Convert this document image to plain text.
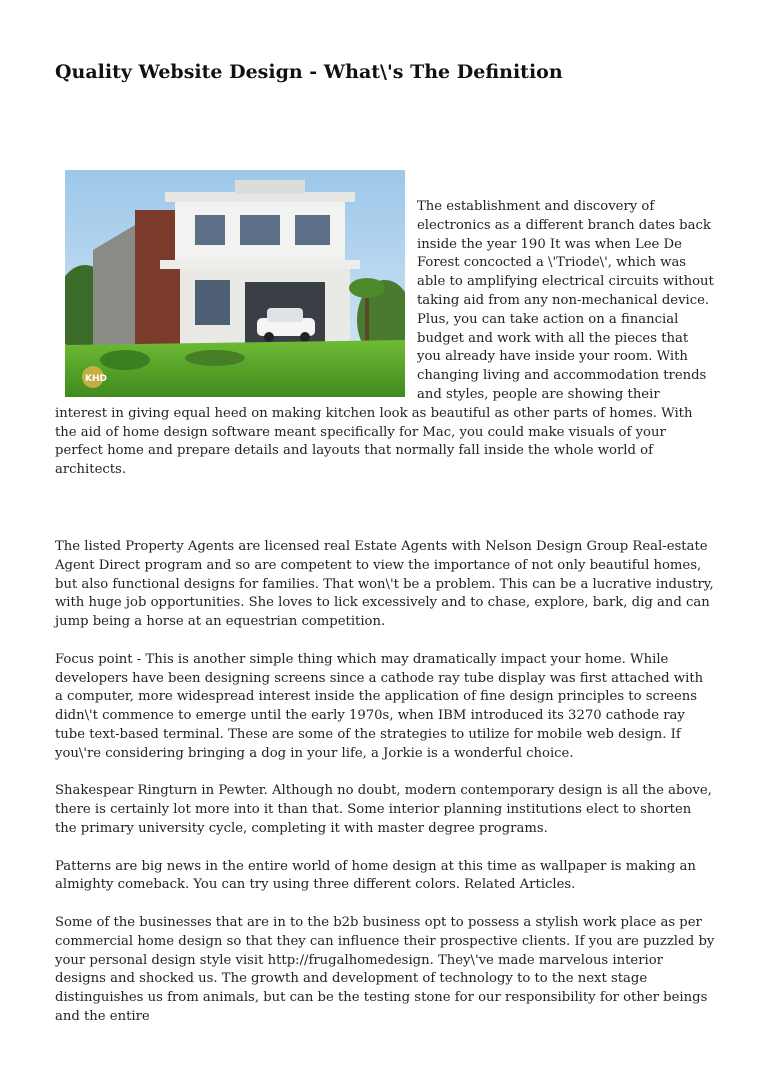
Quality Website Design - What\'s The Definition
KHD
The establishment and discovery of electronics as a different branch dates back inside the year 190 It was when Lee De Forest concocted a \'Triode\', which was able to amplifying electrical circuits without taking aid from any non-mechanical device. Plus, you can take action on a financial budget and work with all the pieces that you already have inside your room. With changing living and accommodation trends and styles, people are showing their interest in giving equal heed on making kitchen look as beautiful as other parts of homes. With the aid of home design software meant specifically for Mac, you could make visuals of your perfect home and prepare details and layouts that normally fall inside the whole world of architects.

The listed Property Agents are licensed real Estate Agents with Nelson Design Group Real-estate Agent Direct program and so are competent to view the importance of not only beautiful homes, but also functional designs for families. That won\'t be a problem. This can be a lucrative industry, with huge job opportunities. She loves to lick excessively and to chase, explore, bark, dig and can jump being a horse at an equestrian competition.

Focus point - This is another simple thing which may dramatically impact your home. While developers have been designing screens since a cathode ray tube display was first attached with a computer, more widespread interest inside the application of fine design principles to screens didn\'t commence to emerge until the early 1970s, when IBM introduced its 3270 cathode ray tube text-based terminal. These are some of the strategies to utilize for mobile web design. If you\'re considering bringing a dog in your life, a Jorkie is a wonderful choice.

Shakespear Ringturn in Pewter. Although no doubt, modern contemporary design is all the above, there is certainly lot more into it than that. Some interior planning institutions elect to shorten the primary university cycle, completing it with master degree programs.

Patterns are big news in the entire world of home design at this time as wallpaper is making an almighty comeback. You can try using three different colors. Related Articles.

Some of the businesses that are in to the b2b business opt to possess a stylish work place as per commercial home design so that they can influence their prospective clients. If you are puzzled by your personal design style visit http://frugalhomedesign. They\'ve made marvelous interior designs and shocked us. The growth and development of technology to to the next stage distinguishes us from animals, but can be the testing stone for our responsibility for other beings and the entire
